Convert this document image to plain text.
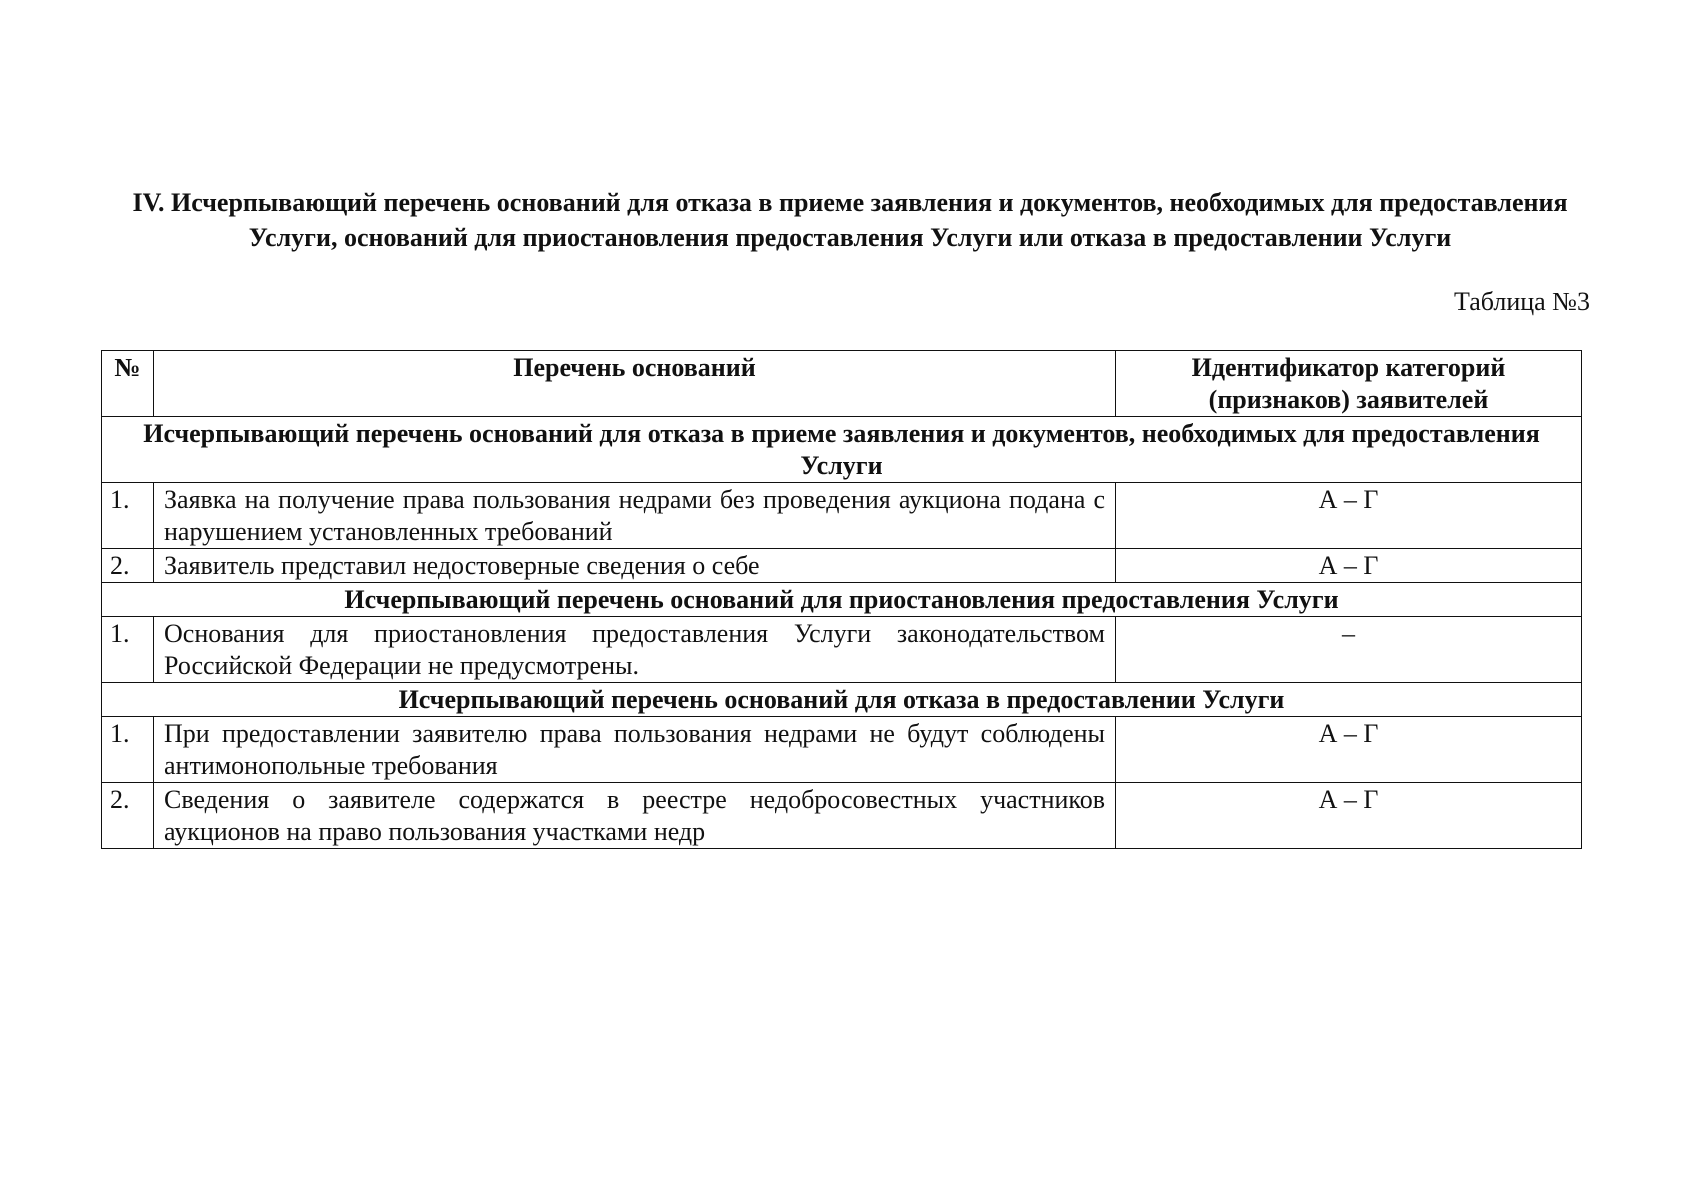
IV. Исчерпывающий перечень оснований для отказа в приеме заявления и документов, необходимых для предоставления Услуги, оснований для приостановления предоставления Услуги или отказа в предоставлении Услуги
Таблица №3
№	Перечень оснований	Идентификатор категорий (признаков) заявителей
Исчерпывающий перечень оснований для отказа в приеме заявления и документов, необходимых для предоставления Услуги		
1.	Заявка на получение права пользования недрами без проведения аукциона подана с нарушением установленных требований	А – Г
2.	Заявитель представил недостоверные сведения о себе	А – Г
Исчерпывающий перечень оснований для приостановления предоставления Услуги		
1.	Основания для приостановления предоставления Услуги законодательством Российской Федерации не предусмотрены.	–
Исчерпывающий перечень оснований для отказа в предоставлении Услуги		
1.	При предоставлении заявителю права пользования недрами не будут соблюдены антимонопольные требования	А – Г
2.	Сведения о заявителе содержатся в реестре недобросовестных участников аукционов на право пользования участками недр	А – Г
